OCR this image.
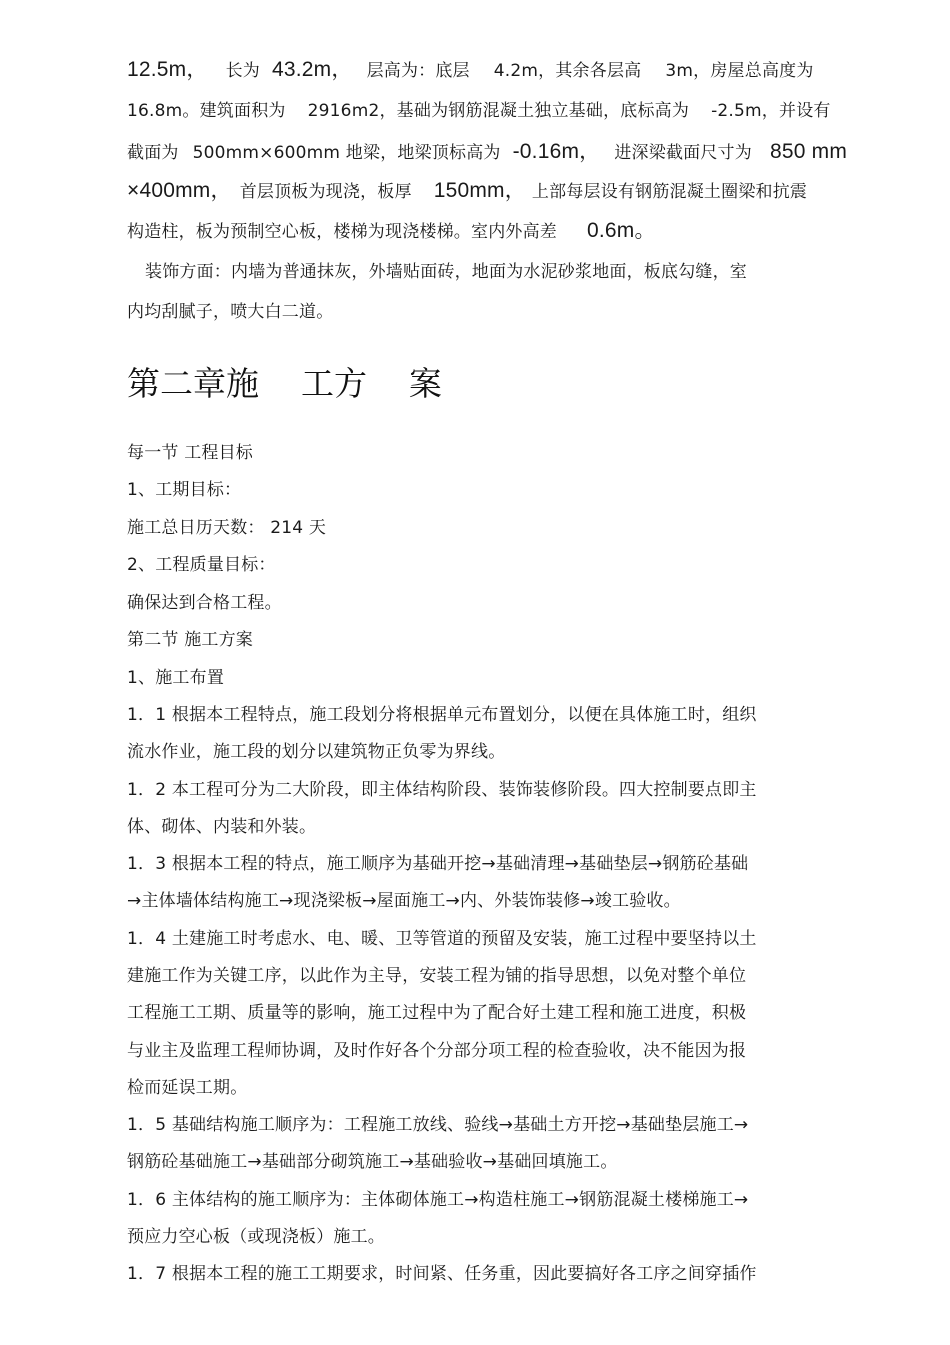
12.5m， 长为 43.2m， 层高为：底层 4.2m，其余各层高 3m，房屋总高度为
16.8m。建筑面积为 2916m2，基础为钢筋混凝土独立基础，底标高为 -2.5m，并设有
截面为 500mm×600mm 地梁，地梁顶标高为 -0.16m， 进深梁截面尺寸为 850 mm
×400mm， 首层顶板为现浇，板厚 150mm， 上部每层设有钢筋混凝土圈梁和抗震
构造柱，板为预制空心板，楼梯为现浇楼梯。室内外高差 0.6m。
装饰方面：内墙为普通抹灰，外墙贴面砖，地面为水泥砂浆地面，板底勾缝，室
内均刮腻子，喷大白二道。
第二章施    工方    案
每一节 工程目标
1、工期目标：
施工总日历天数： 214 天
2、工程质量目标：
确保达到合格工程。
第二节 施工方案
1、施工布置
1．1 根据本工程特点，施工段划分将根据单元布置划分，以便在具体施工时，组织
流水作业，施工段的划分以建筑物正负零为界线。
1．2 本工程可分为二大阶段，即主体结构阶段、装饰装修阶段。四大控制要点即主
体、砌体、内装和外装。
1．3 根据本工程的特点，施工顺序为基础开挖→基础清理→基础垫层→钢筋砼基础
→主体墙体结构施工→现浇梁板→屋面施工→内、外装饰装修→竣工验收。
1．4 土建施工时考虑水、电、暖、卫等管道的预留及安装，施工过程中要坚持以土
建施工作为关键工序，以此作为主导，安装工程为铺的指导思想，以免对整个单位
工程施工工期、质量等的影响，施工过程中为了配合好土建工程和施工进度，积极
与业主及监理工程师协调，及时作好各个分部分项工程的检查验收，决不能因为报
检而延误工期。
1．5 基础结构施工顺序为：工程施工放线、验线→基础土方开挖→基础垫层施工→
钢筋砼基础施工→基础部分砌筑施工→基础验收→基础回填施工。
1．6 主体结构的施工顺序为：主体砌体施工→构造柱施工→钢筋混凝土楼梯施工→
预应力空心板（或现浇板）施工。
1．7 根据本工程的施工工期要求，时间紧、任务重，因此要搞好各工序之间穿插作
